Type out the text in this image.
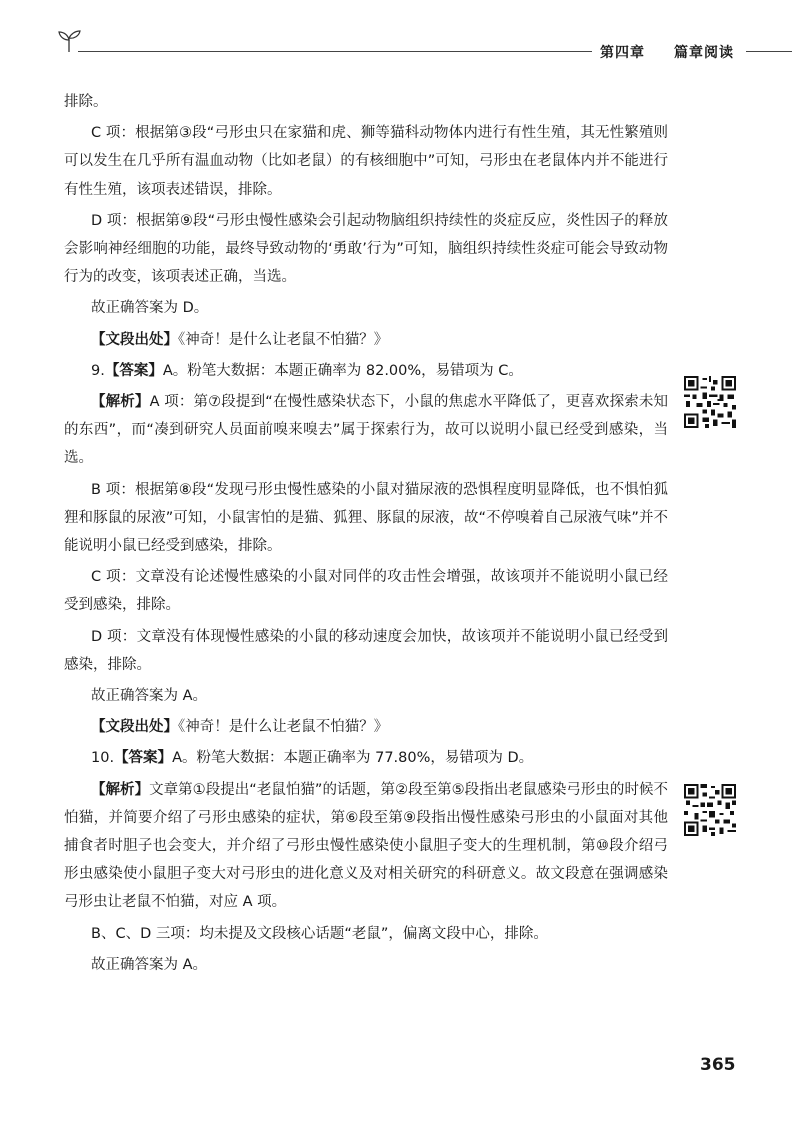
第四章 篇章阅读

排除。

C 项：根据第③段“弓形虫只在家猫和虎、狮等猫科动物体内进行有性生殖，其无性繁殖则可以发生在几乎所有温血动物（比如老鼠）的有核细胞中”可知，弓形虫在老鼠体内并不能进行有性生殖，该项表述错误，排除。

D 项：根据第⑨段“弓形虫慢性感染会引起动物脑组织持续性的炎症反应，炎性因子的释放会影响神经细胞的功能，最终导致动物的‘勇敢’行为”可知，脑组织持续性炎症可能会导致动物行为的改变，该项表述正确，当选。

故正确答案为 D。

【文段出处】《神奇！是什么让老鼠不怕猫？》

9.【答案】A。粉笔大数据：本题正确率为 82.00%，易错项为 C。

【解析】A 项：第⑦段提到“在慢性感染状态下，小鼠的焦虑水平降低了，更喜欢探索未知的东西”，而“凑到研究人员面前嗅来嗅去”属于探索行为，故可以说明小鼠已经受到感染，当选。

B 项：根据第⑧段“发现弓形虫慢性感染的小鼠对猫尿液的恐惧程度明显降低，也不惧怕狐狸和豚鼠的尿液”可知，小鼠害怕的是猫、狐狸、豚鼠的尿液，故“不停嗅着自己尿液气味”并不能说明小鼠已经受到感染，排除。

C 项：文章没有论述慢性感染的小鼠对同伴的攻击性会增强，故该项并不能说明小鼠已经受到感染，排除。

D 项：文章没有体现慢性感染的小鼠的移动速度会加快，故该项并不能说明小鼠已经受到感染，排除。

故正确答案为 A。

【文段出处】《神奇！是什么让老鼠不怕猫？》

10.【答案】A。粉笔大数据：本题正确率为 77.80%，易错项为 D。

【解析】文章第①段提出“老鼠怕猫”的话题，第②段至第⑤段指出老鼠感染弓形虫的时候不怕猫，并简要介绍了弓形虫感染的症状，第⑥段至第⑨段指出慢性感染弓形虫的小鼠面对其他捕食者时胆子也会变大，并介绍了弓形虫慢性感染使小鼠胆子变大的生理机制，第⑩段介绍弓形虫感染使小鼠胆子变大对弓形虫的进化意义及对相关研究的科研意义。故文段意在强调感染弓形虫让老鼠不怕猫，对应 A 项。

B、C、D 三项：均未提及文段核心话题“老鼠”，偏离文段中心，排除。

故正确答案为 A。

365
